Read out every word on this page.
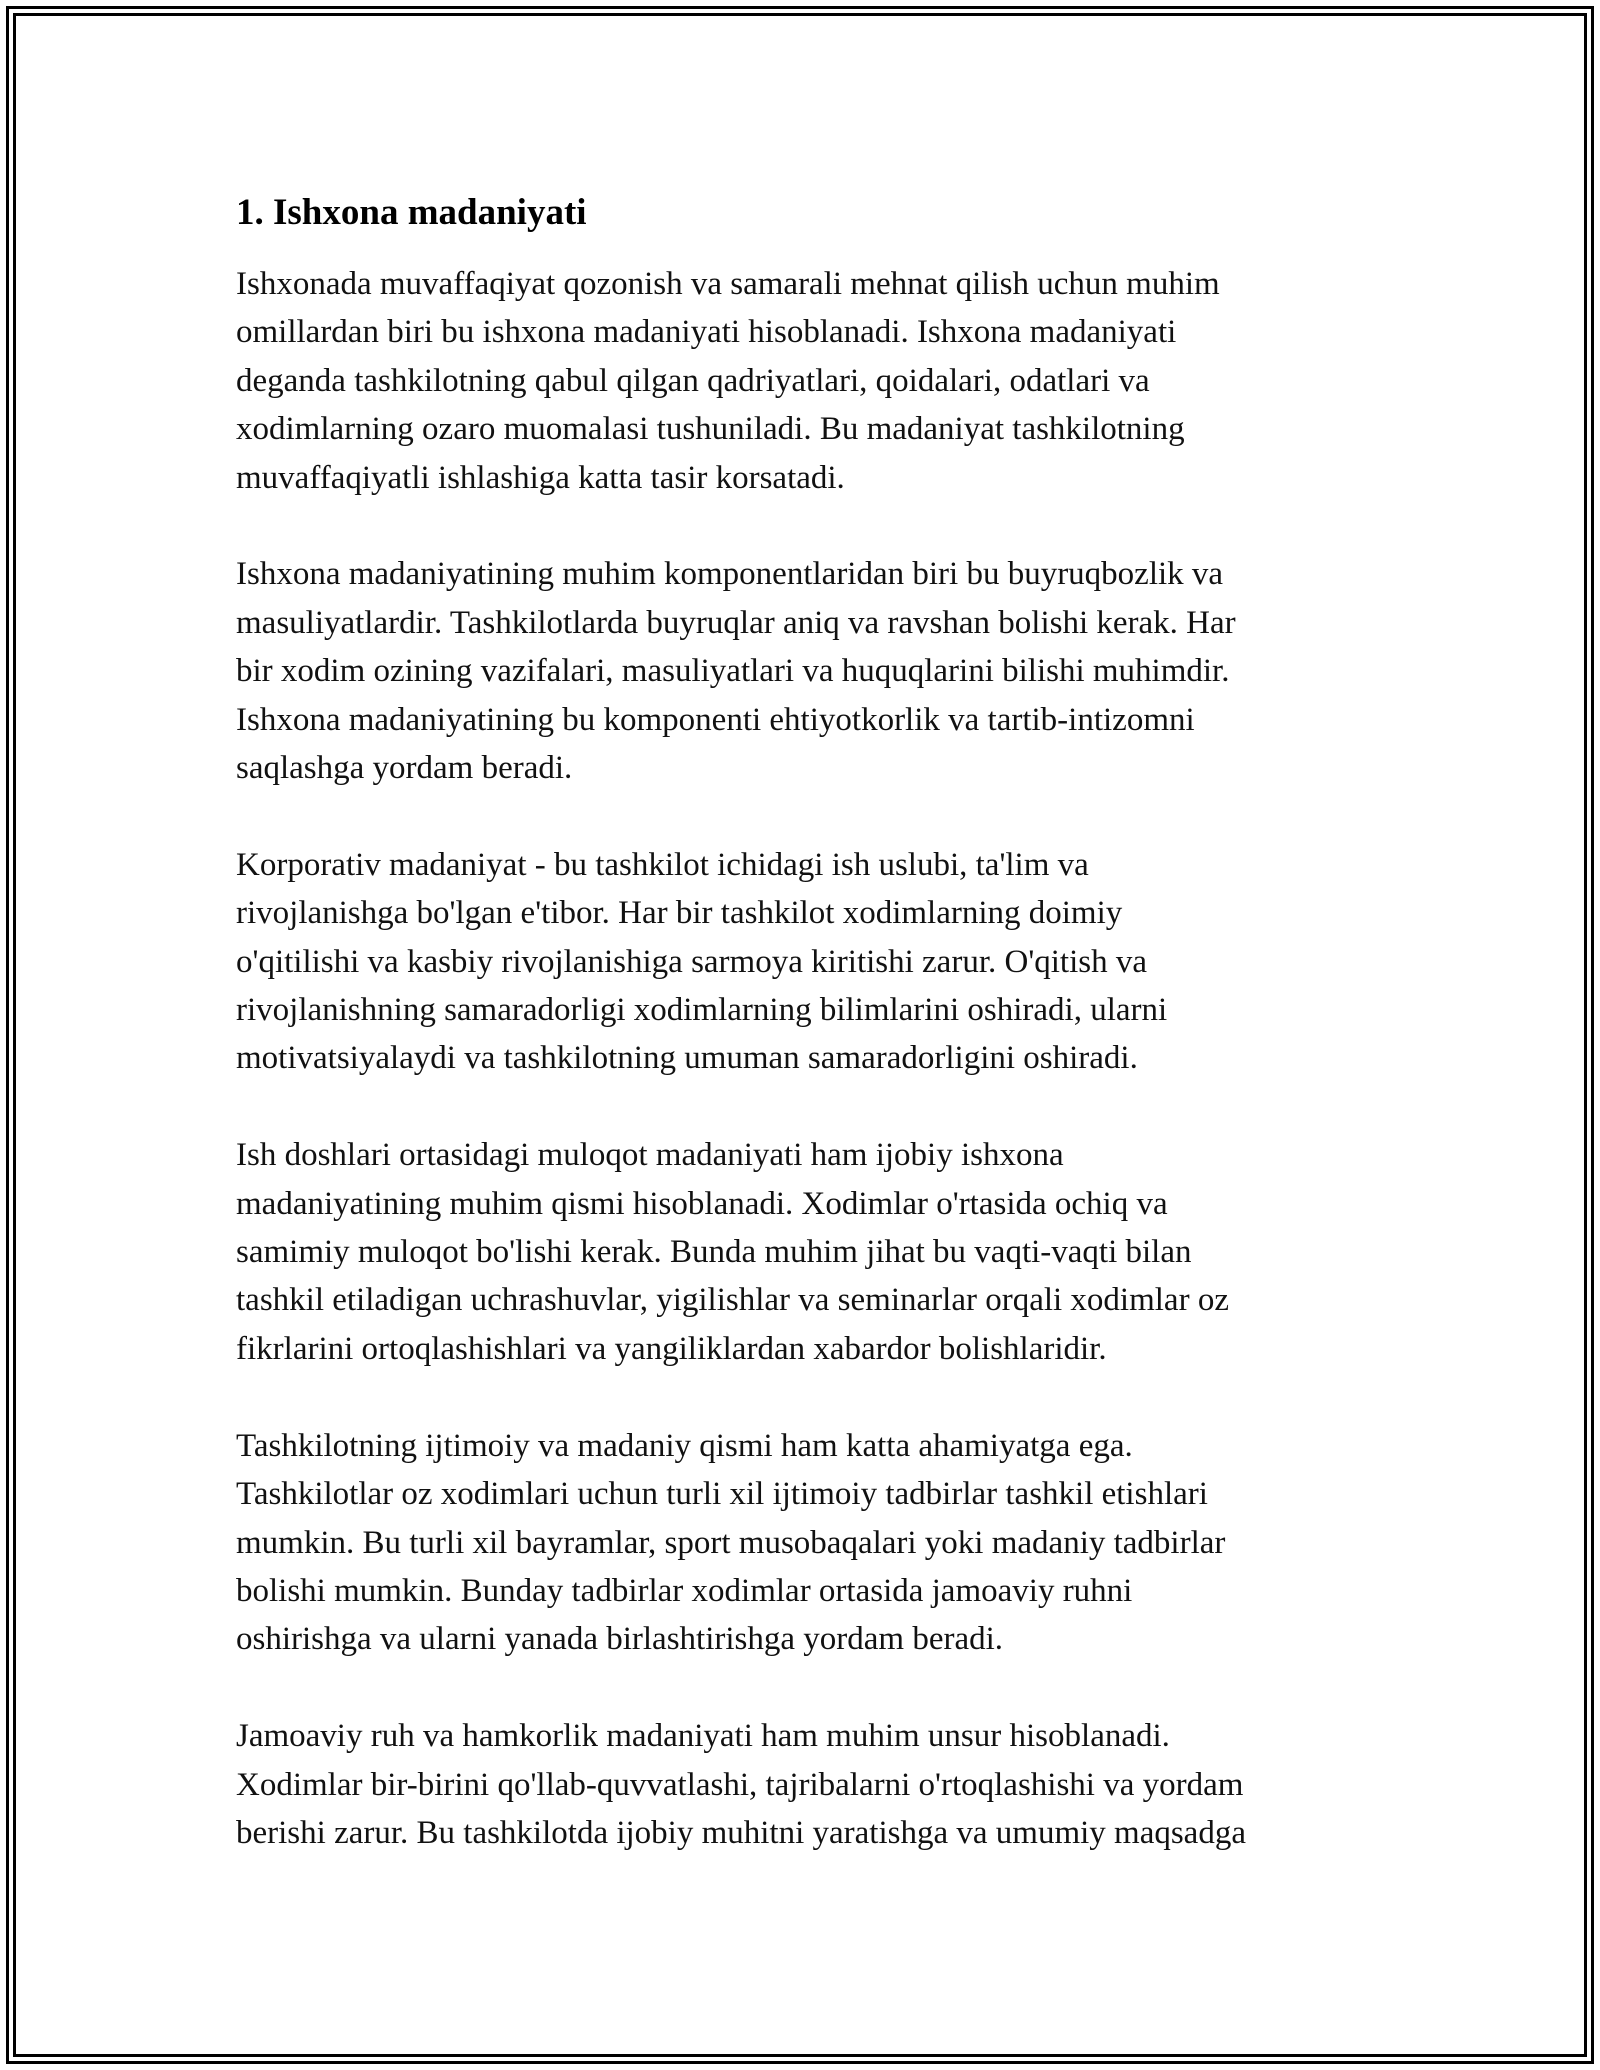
1. Ishxona madaniyati

Ishxonada muvaffaqiyat qozonish va samarali mehnat qilish uchun muhim
omillardan biri bu ishxona madaniyati hisoblanadi. Ishxona madaniyati
deganda tashkilotning qabul qilgan qadriyatlari, qoidalari, odatlari va
xodimlarning ozaro muomalasi tushuniladi. Bu madaniyat tashkilotning
muvaffaqiyatli ishlashiga katta tasir korsatadi.

Ishxona madaniyatining muhim komponentlaridan biri bu buyruqbozlik va
masuliyatlardir. Tashkilotlarda buyruqlar aniq va ravshan bolishi kerak. Har
bir xodim ozining vazifalari, masuliyatlari va huquqlarini bilishi muhimdir.
Ishxona madaniyatining bu komponenti ehtiyotkorlik va tartib-intizomni
saqlashga yordam beradi.

Korporativ madaniyat - bu tashkilot ichidagi ish uslubi, ta'lim va
rivojlanishga bo'lgan e'tibor. Har bir tashkilot xodimlarning doimiy
o'qitilishi va kasbiy rivojlanishiga sarmoya kiritishi zarur. O'qitish va
rivojlanishning samaradorligi xodimlarning bilimlarini oshiradi, ularni
motivatsiyalaydi va tashkilotning umuman samaradorligini oshiradi.

Ish doshlari ortasidagi muloqot madaniyati ham ijobiy ishxona
madaniyatining muhim qismi hisoblanadi. Xodimlar o'rtasida ochiq va
samimiy muloqot bo'lishi kerak. Bunda muhim jihat bu vaqti-vaqti bilan
tashkil etiladigan uchrashuvlar, yigilishlar va seminarlar orqali xodimlar oz
fikrlarini ortoqlashishlari va yangiliklardan xabardor bolishlaridir.

Tashkilotning ijtimoiy va madaniy qismi ham katta ahamiyatga ega.
Tashkilotlar oz xodimlari uchun turli xil ijtimoiy tadbirlar tashkil etishlari
mumkin. Bu turli xil bayramlar, sport musobaqalari yoki madaniy tadbirlar
bolishi mumkin. Bunday tadbirlar xodimlar ortasida jamoaviy ruhni
oshirishga va ularni yanada birlashtirishga yordam beradi.

Jamoaviy ruh va hamkorlik madaniyati ham muhim unsur hisoblanadi.
Xodimlar bir-birini qo'llab-quvvatlashi, tajribalarni o'rtoqlashishi va yordam
berishi zarur. Bu tashkilotda ijobiy muhitni yaratishga va umumiy maqsadga
